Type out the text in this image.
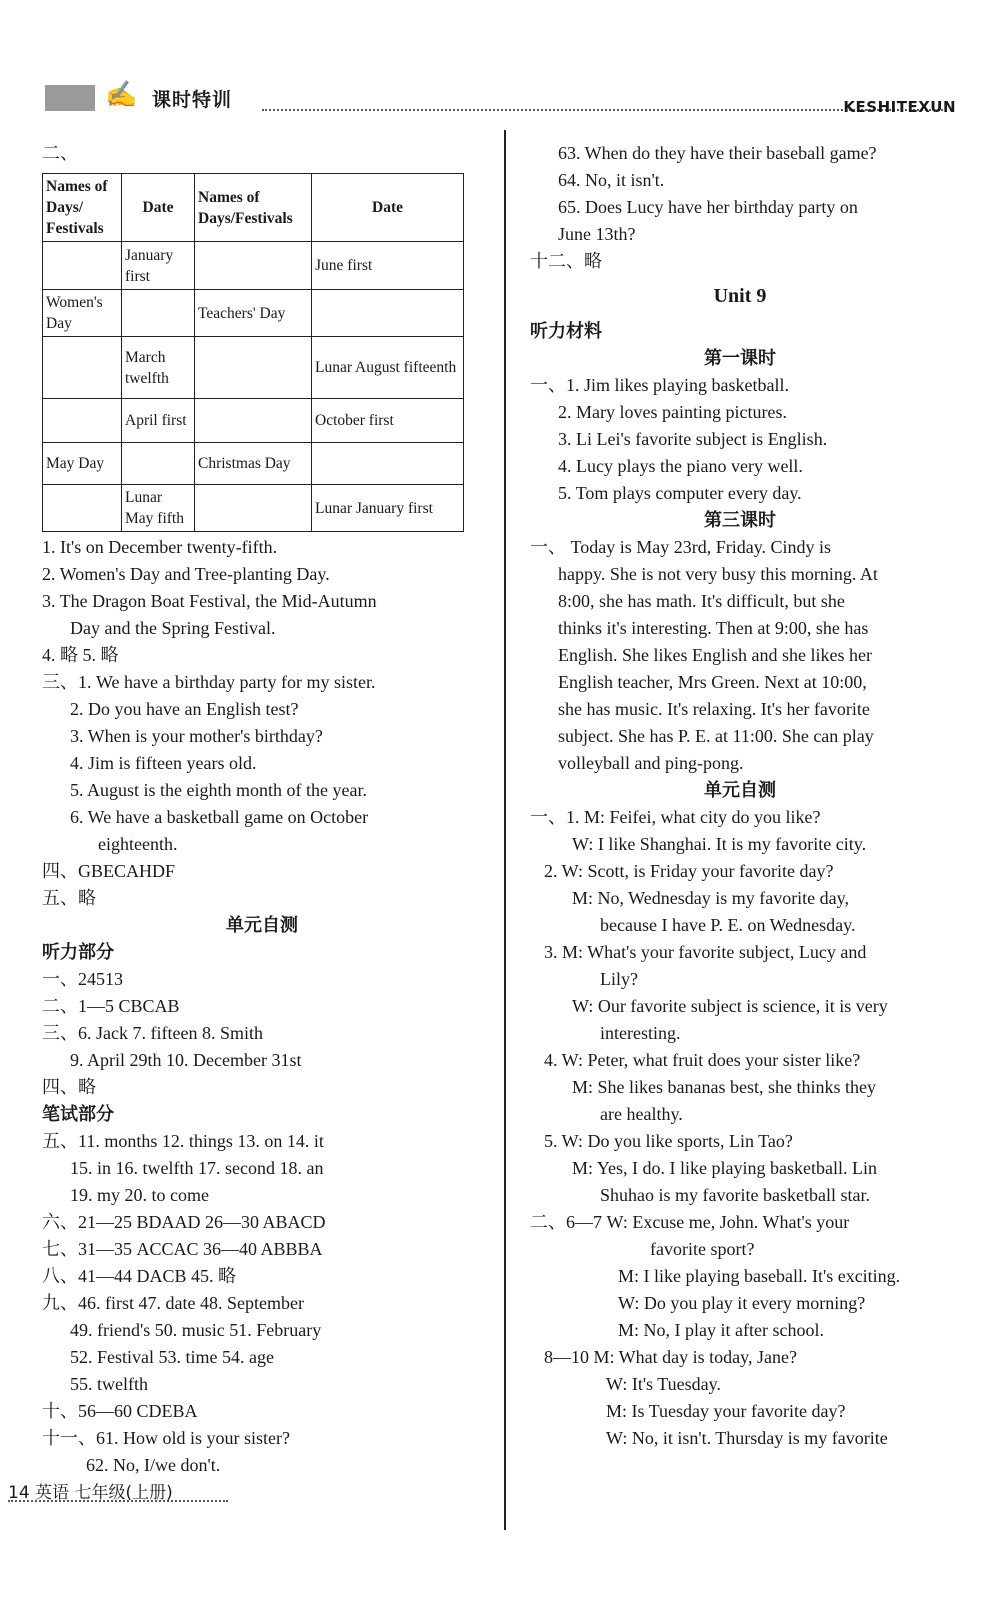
✍ 课时特训	KESHITEXUN
二、
Names of Days/ Festivals	Date	Names of Days/Festivals	Date
	January first		June first
Women's Day		Teachers' Day	
	March twelfth		Lunar August fifteenth
	April first		October first
May Day		Christmas Day	
	Lunar May fifth		Lunar January first
1. It's on December twenty-fifth.
2. Women's Day and Tree-planting Day.
3. The Dragon Boat Festival, the Mid-Autumn
Day and the Spring Festival.
4. 略 5. 略
三、1. We have a birthday party for my sister.
2. Do you have an English test?
3. When is your mother's birthday?
4. Jim is fifteen years old.
5. August is the eighth month of the year.
6. We have a basketball game on October
eighteenth.
四、GBECAHDF
五、略
单元自测
听力部分
一、24513
二、1—5 CBCAB
三、6. Jack 7. fifteen 8. Smith
9. April 29th 10. December 31st
四、略
笔试部分
五、11. months 12. things 13. on 14. it
15. in 16. twelfth 17. second 18. an
19. my 20. to come
六、21—25 BDAAD 26—30 ABACD
七、31—35 ACCAC 36—40 ABBBA
八、41—44 DACB 45. 略
九、46. first 47. date 48. September
49. friend's 50. music 51. February
52. Festival 53. time 54. age
55. twelfth
十、56—60 CDEBA
十一、61. How old is your sister?
62. No, I/we don't.
63. When do they have their baseball game?
64. No, it isn't.
65. Does Lucy have her birthday party on
June 13th?
十二、略
Unit 9
听力材料
第一课时
一、1. Jim likes playing basketball.
2. Mary loves painting pictures.
3. Li Lei's favorite subject is English.
4. Lucy plays the piano very well.
5. Tom plays computer every day.
第三课时
一、 Today is May 23rd, Friday. Cindy is
happy. She is not very busy this morning. At
8:00, she has math. It's difficult, but she
thinks it's interesting. Then at 9:00, she has
English. She likes English and she likes her
English teacher, Mrs Green. Next at 10:00,
she has music. It's relaxing. It's her favorite
subject. She has P. E. at 11:00. She can play
volleyball and ping-pong.
单元自测
一、1. M: Feifei, what city do you like?
W: I like Shanghai. It is my favorite city.
2. W: Scott, is Friday your favorite day?
M: No, Wednesday is my favorite day,
because I have P. E. on Wednesday.
3. M: What's your favorite subject, Lucy and
Lily?
W: Our favorite subject is science, it is very
interesting.
4. W: Peter, what fruit does your sister like?
M: She likes bananas best, she thinks they
are healthy.
5. W: Do you like sports, Lin Tao?
M: Yes, I do. I like playing basketball. Lin
Shuhao is my favorite basketball star.
二、6—7 W: Excuse me, John. What's your
favorite sport?
M: I like playing baseball. It's exciting.
W: Do you play it every morning?
M: No, I play it after school.
8—10 M: What day is today, Jane?
W: It's Tuesday.
M: Is Tuesday your favorite day?
W: No, it isn't. Thursday is my favorite
14 英语 七年级(上册)
